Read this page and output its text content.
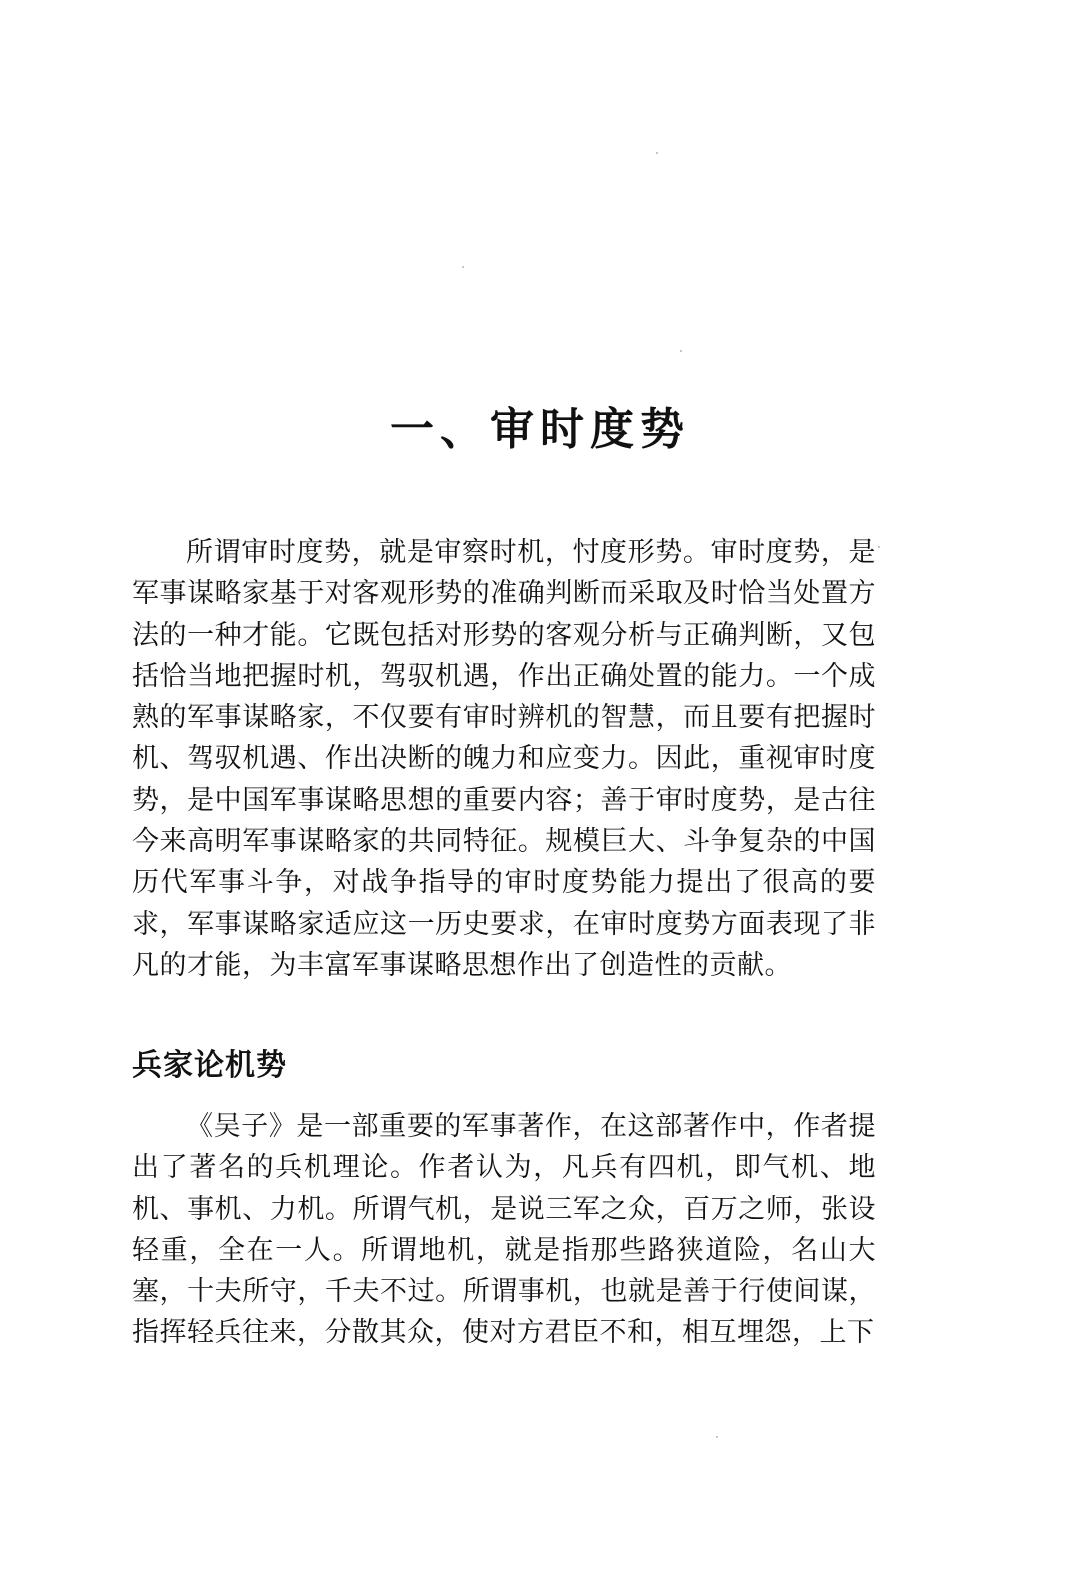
一、审时度势

所谓审时度势，就是审察时机，忖度形势。审时度势，是军事谋略家基于对客观形势的准确判断而采取及时恰当处置方法的一种才能。它既包括对形势的客观分析与正确判断，又包括恰当地把握时机，驾驭机遇，作出正确处置的能力。一个成熟的军事谋略家，不仅要有审时辨机的智慧，而且要有把握时机、驾驭机遇、作出决断的魄力和应变力。因此，重视审时度势，是中国军事谋略思想的重要内容；善于审时度势，是古往今来高明军事谋略家的共同特征。规模巨大、斗争复杂的中国历代军事斗争，对战争指导的审时度势能力提出了很高的要求，军事谋略家适应这一历史要求，在审时度势方面表现了非凡的才能，为丰富军事谋略思想作出了创造性的贡献。

兵家论机势

《吴子》是一部重要的军事著作，在这部著作中，作者提出了著名的兵机理论。作者认为，凡兵有四机，即气机、地机、事机、力机。所谓气机，是说三军之众，百万之师，张设轻重，全在一人。所谓地机，就是指那些路狭道险，名山大塞，十夫所守，千夫不过。所谓事机，也就是善于行使间谋，指挥轻兵往来，分散其众，使对方君臣不和，相互埋怨，上下
